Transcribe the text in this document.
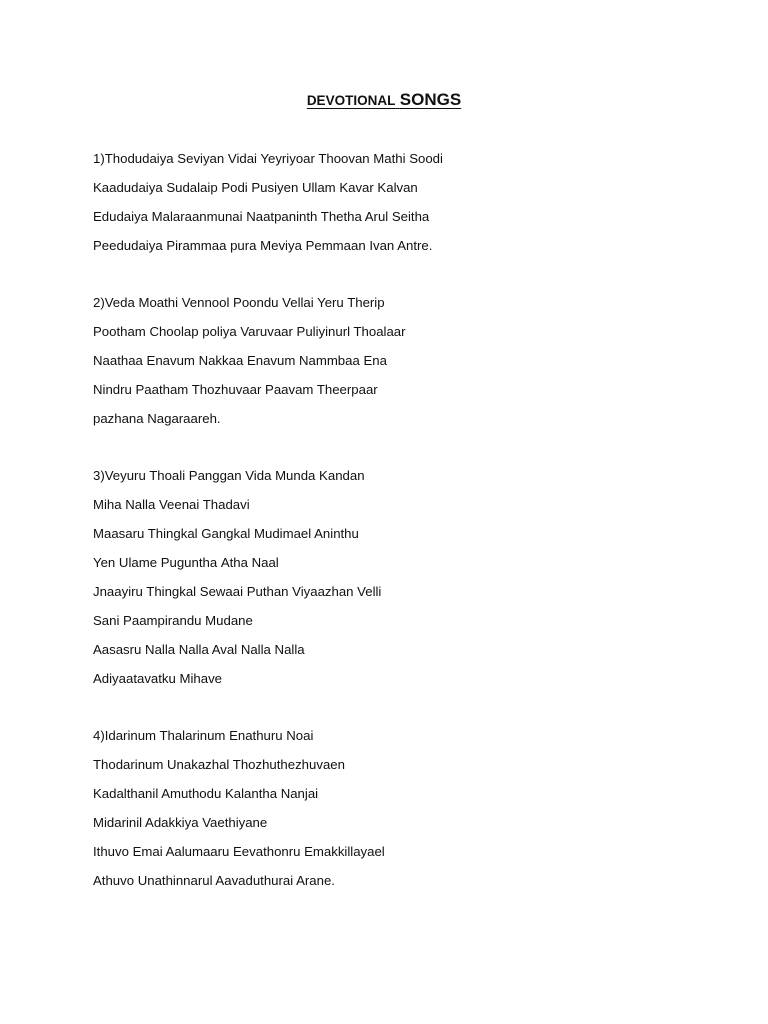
DEVOTIONAL SONGS
1)Thodudaiya Seviyan Vidai Yeyriyoar Thoovan Mathi Soodi
Kaadudaiya Sudalaip Podi Pusiyen Ullam Kavar Kalvan
Edudaiya Malaraanmunai Naatpaninth Thetha Arul Seitha
Peedudaiya Pirammaa pura Meviya Pemmaan Ivan Antre.
2)Veda Moathi Vennool Poondu Vellai Yeru Therip
Pootham Choolap poliya Varuvaar Puliyinurl Thoalaar
Naathaa Enavum Nakkaa Enavum Nammbaa Ena
Nindru Paatham Thozhuvaar Paavam Theerpaar
pazhana Nagaraareh.
3)Veyuru Thoali Panggan Vida Munda Kandan
Miha Nalla Veenai Thadavi
Maasaru Thingkal Gangkal Mudimael Aninthu
Yen Ulame Pugunthа Atha Naal
Jnaayiru Thingkal Sewaai Puthan Viyaazhan Velli
Sani Paampirandu Mudane
Aasasru Nalla Nalla Aval Nalla Nalla
Adiyaatavatku Mihave
4)Idarinum Thalarinum Enathuru Noai
Thodarinum Unakazhal Thozhuthezhuvaen
Kadalthanil Amuthodu Kalantha Nanjai
Midarinil Adakkiya Vaethiyane
Ithuvo Emai Aalumaaru Eevathonru Emakkillayael
Athuvo Unathinnarul Aavaduthurai Arane.
